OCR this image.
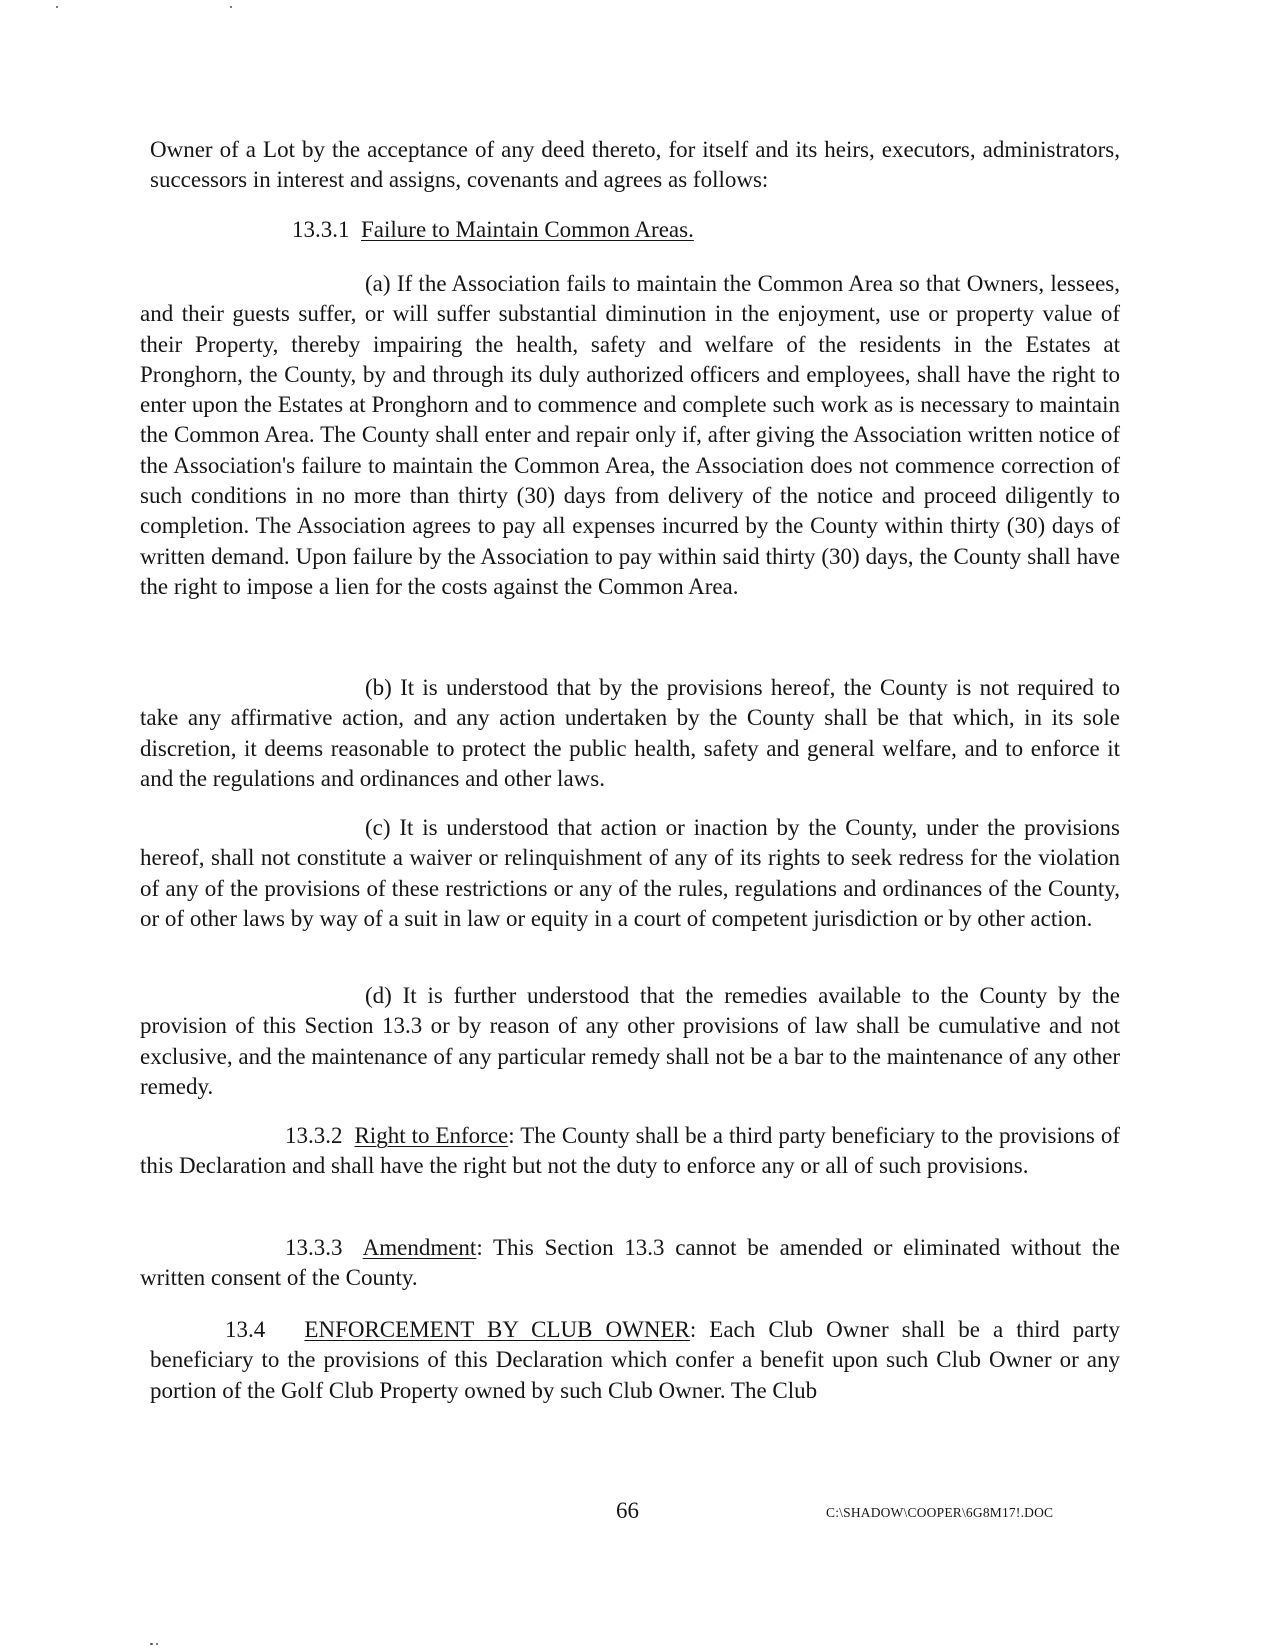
Owner of a Lot by the acceptance of any deed thereto, for itself and its heirs, executors, administrators, successors in interest and assigns, covenants and agrees as follows:

13.3.1 Failure to Maintain Common Areas.

(a) If the Association fails to maintain the Common Area so that Owners, lessees, and their guests suffer, or will suffer substantial diminution in the enjoyment, use or property value of their Property, thereby impairing the health, safety and welfare of the residents in the Estates at Pronghorn, the County, by and through its duly authorized officers and employees, shall have the right to enter upon the Estates at Pronghorn and to commence and complete such work as is necessary to maintain the Common Area. The County shall enter and repair only if, after giving the Association written notice of the Association's failure to maintain the Common Area, the Association does not commence correction of such conditions in no more than thirty (30) days from delivery of the notice and proceed diligently to completion. The Association agrees to pay all expenses incurred by the County within thirty (30) days of written demand. Upon failure by the Association to pay within said thirty (30) days, the County shall have the right to impose a lien for the costs against the Common Area.

(b) It is understood that by the provisions hereof, the County is not required to take any affirmative action, and any action undertaken by the County shall be that which, in its sole discretion, it deems reasonable to protect the public health, safety and general welfare, and to enforce it and the regulations and ordinances and other laws.

(c) It is understood that action or inaction by the County, under the provisions hereof, shall not constitute a waiver or relinquishment of any of its rights to seek redress for the violation of any of the provisions of these restrictions or any of the rules, regulations and ordinances of the County, or of other laws by way of a suit in law or equity in a court of competent jurisdiction or by other action.

(d) It is further understood that the remedies available to the County by the provision of this Section 13.3 or by reason of any other provisions of law shall be cumulative and not exclusive, and the maintenance of any particular remedy shall not be a bar to the maintenance of any other remedy.

13.3.2 Right to Enforce: The County shall be a third party beneficiary to the provisions of this Declaration and shall have the right but not the duty to enforce any or all of such provisions.

13.3.3 Amendment: This Section 13.3 cannot be amended or eliminated without the written consent of the County.

13.4 ENFORCEMENT BY CLUB OWNER: Each Club Owner shall be a third party beneficiary to the provisions of this Declaration which confer a benefit upon such Club Owner or any portion of the Golf Club Property owned by such Club Owner. The Club

66	C:\SHADOW\COOPER\6G8M17!.DOC
